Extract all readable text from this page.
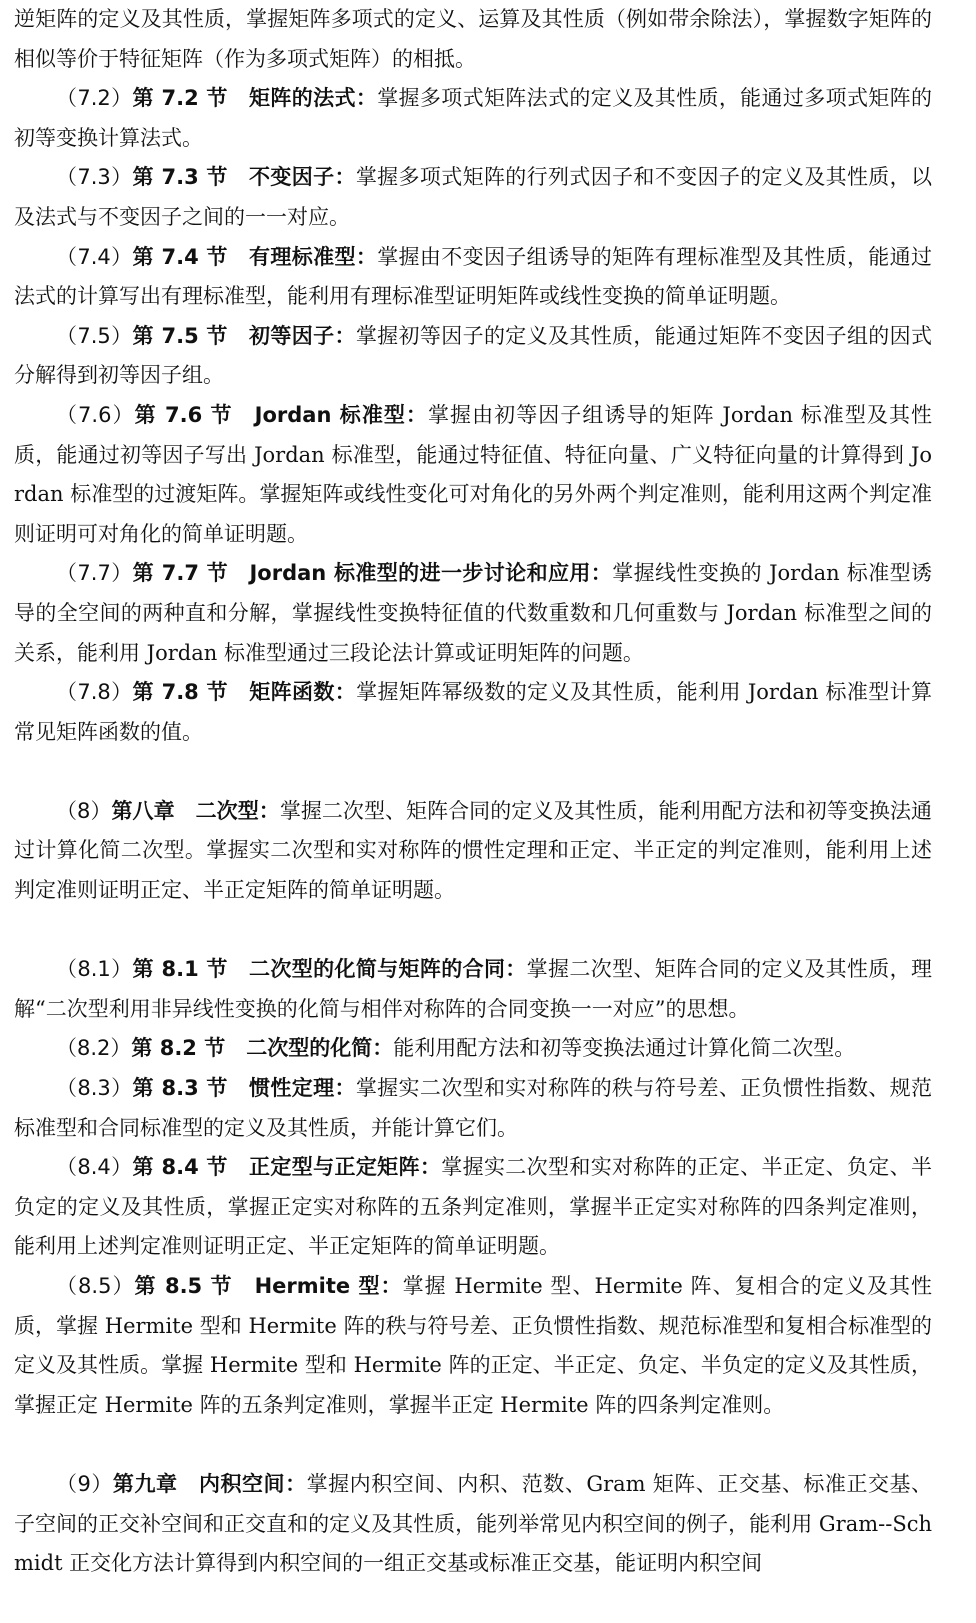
逆矩阵的定义及其性质，掌握矩阵多项式的定义、运算及其性质（例如带余除法），掌握数字矩阵的相似等价于特征矩阵（作为多项式矩阵）的相抵。

（7.2）第 7.2 节　矩阵的法式：掌握多项式矩阵法式的定义及其性质，能通过多项式矩阵的初等变换计算法式。

（7.3）第 7.3 节　不变因子：掌握多项式矩阵的行列式因子和不变因子的定义及其性质，以及法式与不变因子之间的一一对应。

（7.4）第 7.4 节　有理标准型：掌握由不变因子组诱导的矩阵有理标准型及其性质，能通过法式的计算写出有理标准型，能利用有理标准型证明矩阵或线性变换的简单证明题。

（7.5）第 7.5 节　初等因子：掌握初等因子的定义及其性质，能通过矩阵不变因子组的因式分解得到初等因子组。

（7.6）第 7.6 节　Jordan 标准型：掌握由初等因子组诱导的矩阵 Jordan 标准型及其性质，能通过初等因子写出 Jordan 标准型，能通过特征值、特征向量、广义特征向量的计算得到 Jordan 标准型的过渡矩阵。掌握矩阵或线性变化可对角化的另外两个判定准则，能利用这两个判定准则证明可对角化的简单证明题。

（7.7）第 7.7 节　Jordan 标准型的进一步讨论和应用：掌握线性变换的 Jordan 标准型诱导的全空间的两种直和分解，掌握线性变换特征值的代数重数和几何重数与 Jordan 标准型之间的关系，能利用 Jordan 标准型通过三段论法计算或证明矩阵的问题。

（7.8）第 7.8 节　矩阵函数：掌握矩阵幂级数的定义及其性质，能利用 Jordan 标准型计算常见矩阵函数的值。

（8）第八章　二次型：掌握二次型、矩阵合同的定义及其性质，能利用配方法和初等变换法通过计算化简二次型。掌握实二次型和实对称阵的惯性定理和正定、半正定的判定准则，能利用上述判定准则证明正定、半正定矩阵的简单证明题。

（8.1）第 8.1 节　二次型的化简与矩阵的合同：掌握二次型、矩阵合同的定义及其性质，理解“二次型利用非异线性变换的化简与相伴对称阵的合同变换一一对应”的思想。

（8.2）第 8.2 节　二次型的化简：能利用配方法和初等变换法通过计算化简二次型。

（8.3）第 8.3 节　惯性定理：掌握实二次型和实对称阵的秩与符号差、正负惯性指数、规范标准型和合同标准型的定义及其性质，并能计算它们。

（8.4）第 8.4 节　正定型与正定矩阵：掌握实二次型和实对称阵的正定、半正定、负定、半负定的定义及其性质，掌握正定实对称阵的五条判定准则，掌握半正定实对称阵的四条判定准则，能利用上述判定准则证明正定、半正定矩阵的简单证明题。

（8.5）第 8.5 节　Hermite 型：掌握 Hermite 型、Hermite 阵、复相合的定义及其性质，掌握 Hermite 型和 Hermite 阵的秩与符号差、正负惯性指数、规范标准型和复相合标准型的定义及其性质。掌握 Hermite 型和 Hermite 阵的正定、半正定、负定、半负定的定义及其性质，掌握正定 Hermite 阵的五条判定准则，掌握半正定 Hermite 阵的四条判定准则。

（9）第九章　内积空间：掌握内积空间、内积、范数、Gram 矩阵、正交基、标准正交基、子空间的正交补空间和正交直和的定义及其性质，能列举常见内积空间的例子，能利用 Gram--Schmidt 正交化方法计算得到内积空间的一组正交基或标准正交基，能证明内积空间
